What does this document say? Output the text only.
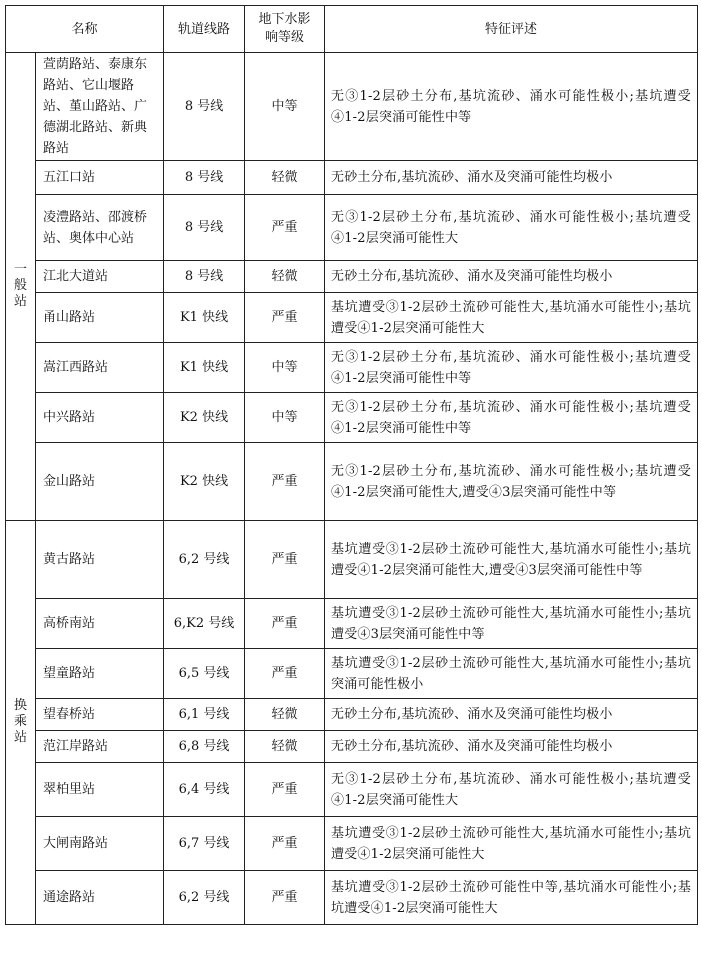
名称		轨道线路	地下水影响等级	特征评述
一般站	萱荫路站、泰康东路站、它山堰路站、堇山路站、广德湖北路站、新典路站	8 号线	中等	无③1-2层砂土分布,基坑流砂、涌水可能性极小;基坑遭受④1-2层突涌可能性中等
	五江口站	8 号线	轻微	无砂土分布,基坑流砂、涌水及突涌可能性均极小
	凌澧路站、邵渡桥站、奥体中心站	8 号线	严重	无③1-2层砂土分布,基坑流砂、涌水可能性极小;基坑遭受④1-2层突涌可能性大
	江北大道站	8 号线	轻微	无砂土分布,基坑流砂、涌水及突涌可能性均极小
	甬山路站	K1 快线	严重	基坑遭受③1-2层砂土流砂可能性大,基坑涌水可能性小;基坑遭受④1-2层突涌可能性大
	嵩江西路站	K1 快线	中等	无③1-2层砂土分布,基坑流砂、涌水可能性极小;基坑遭受④1-2层突涌可能性中等
	中兴路站	K2 快线	中等	无③1-2层砂土分布,基坑流砂、涌水可能性极小;基坑遭受④1-2层突涌可能性中等
	金山路站	K2 快线	严重	无③1-2层砂土分布,基坑流砂、涌水可能性极小;基坑遭受④1-2层突涌可能性大,遭受④3层突涌可能性中等
换乘站	黄古路站	6,2 号线	严重	基坑遭受③1-2层砂土流砂可能性大,基坑涌水可能性小;基坑遭受④1-2层突涌可能性大,遭受④3层突涌可能性中等
	高桥南站	6,K2 号线	严重	基坑遭受③1-2层砂土流砂可能性大,基坑涌水可能性小;基坑遭受④3层突涌可能性中等
	望童路站	6,5 号线	严重	基坑遭受③1-2层砂土流砂可能性大,基坑涌水可能性小;基坑突涌可能性极小
	望春桥站	6,1 号线	轻微	无砂土分布,基坑流砂、涌水及突涌可能性均极小
	范江岸路站	6,8 号线	轻微	无砂土分布,基坑流砂、涌水及突涌可能性均极小
	翠柏里站	6,4 号线	严重	无③1-2层砂土分布,基坑流砂、涌水可能性极小;基坑遭受④1-2层突涌可能性大
	大闸南路站	6,7 号线	严重	基坑遭受③1-2层砂土流砂可能性大,基坑涌水可能性小;基坑遭受④1-2层突涌可能性大
	通途路站	6,2 号线	严重	基坑遭受③1-2层砂土流砂可能性中等,基坑涌水可能性小;基坑遭受④1-2层突涌可能性大
